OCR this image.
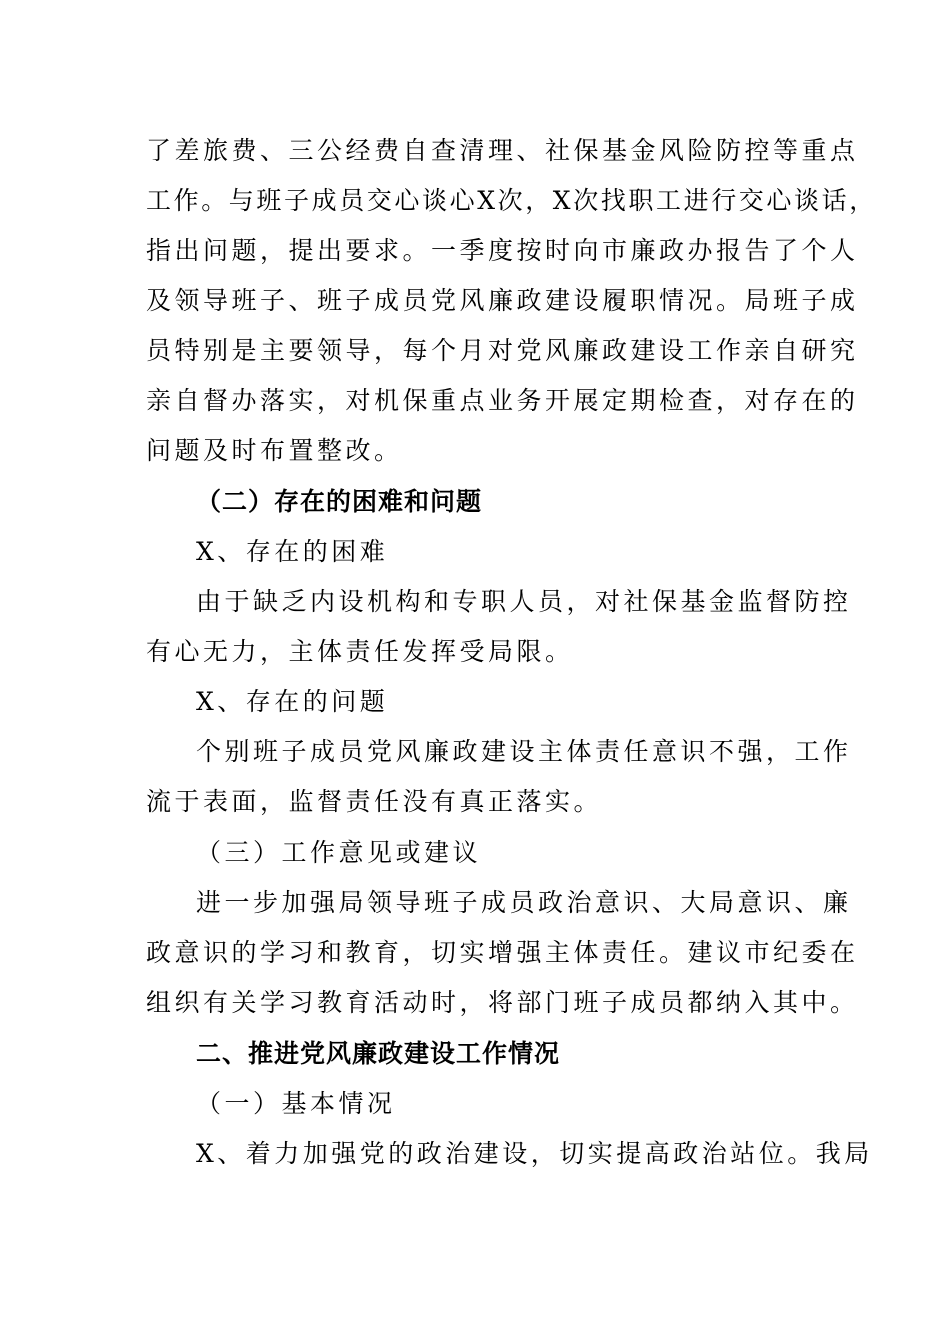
了差旅费、三公经费自查清理、社保基金风险防控等重点
工作。与班子成员交心谈心X次，X次找职工进行交心谈话，
指出问题，提出要求。一季度按时向市廉政办报告了个人
及领导班子、班子成员党风廉政建设履职情况。局班子成
员特别是主要领导，每个月对党风廉政建设工作亲自研究
亲自督办落实，对机保重点业务开展定期检查，对存在的
问题及时布置整改。
（二）存在的困难和问题
X、存在的困难
由于缺乏内设机构和专职人员，对社保基金监督防控
有心无力，主体责任发挥受局限。
X、存在的问题
个别班子成员党风廉政建设主体责任意识不强，工作
流于表面，监督责任没有真正落实。
（三）工作意见或建议
进一步加强局领导班子成员政治意识、大局意识、廉
政意识的学习和教育，切实增强主体责任。建议市纪委在
组织有关学习教育活动时，将部门班子成员都纳入其中。
二、推进党风廉政建设工作情况
（一）基本情况
X、着力加强党的政治建设，切实提高政治站位。我局
